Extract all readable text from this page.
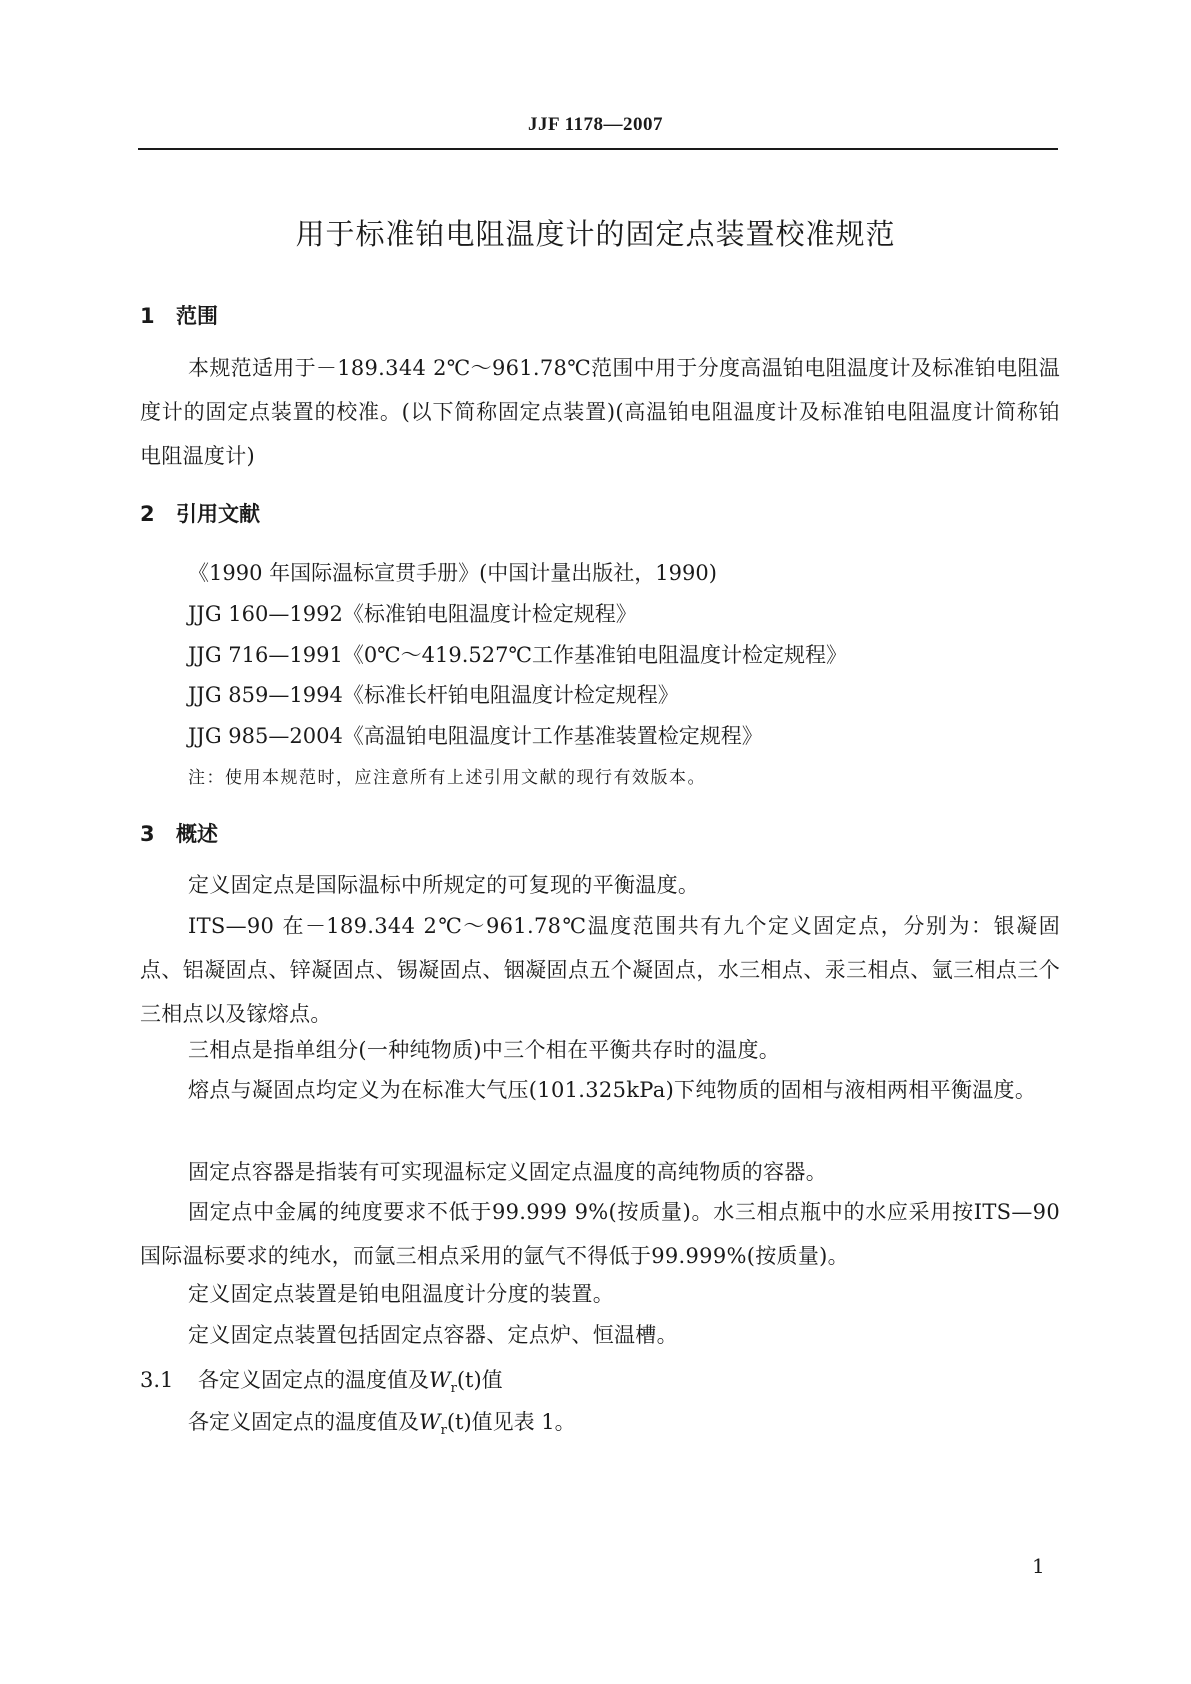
JJF 1178—2007
用于标准铂电阻温度计的固定点装置校准规范
1 范围
本规范适用于－189.344 2℃～961.78℃范围中用于分度高温铂电阻温度计及标准铂电阻温度计的固定点装置的校准。(以下简称固定点装置)(高温铂电阻温度计及标准铂电阻温度计简称铂电阻温度计)
2 引用文献
《1990 年国际温标宣贯手册》(中国计量出版社，1990)
JJG 160—1992《标准铂电阻温度计检定规程》
JJG 716—1991《0℃～419.527℃工作基准铂电阻温度计检定规程》
JJG 859—1994《标准长杆铂电阻温度计检定规程》
JJG 985—2004《高温铂电阻温度计工作基准装置检定规程》
注：使用本规范时，应注意所有上述引用文献的现行有效版本。
3 概述
定义固定点是国际温标中所规定的可复现的平衡温度。
ITS—90 在－189.344 2℃～961.78℃温度范围共有九个定义固定点，分别为：银凝固点、铝凝固点、锌凝固点、锡凝固点、铟凝固点五个凝固点，水三相点、汞三相点、氩三相点三个三相点以及镓熔点。
三相点是指单组分(一种纯物质)中三个相在平衡共存时的温度。
熔点与凝固点均定义为在标准大气压(101.325kPa)下纯物质的固相与液相两相平衡温度。
固定点容器是指装有可实现温标定义固定点温度的高纯物质的容器。
固定点中金属的纯度要求不低于99.999 9%(按质量)。水三相点瓶中的水应采用按ITS—90 国际温标要求的纯水，而氩三相点采用的氩气不得低于99.999%(按质量)。
定义固定点装置是铂电阻温度计分度的装置。
定义固定点装置包括固定点容器、定点炉、恒温槽。
3.1 各定义固定点的温度值及$W_r(t)$值
各定义固定点的温度值及$W_r(t)$值见表 1。
1
